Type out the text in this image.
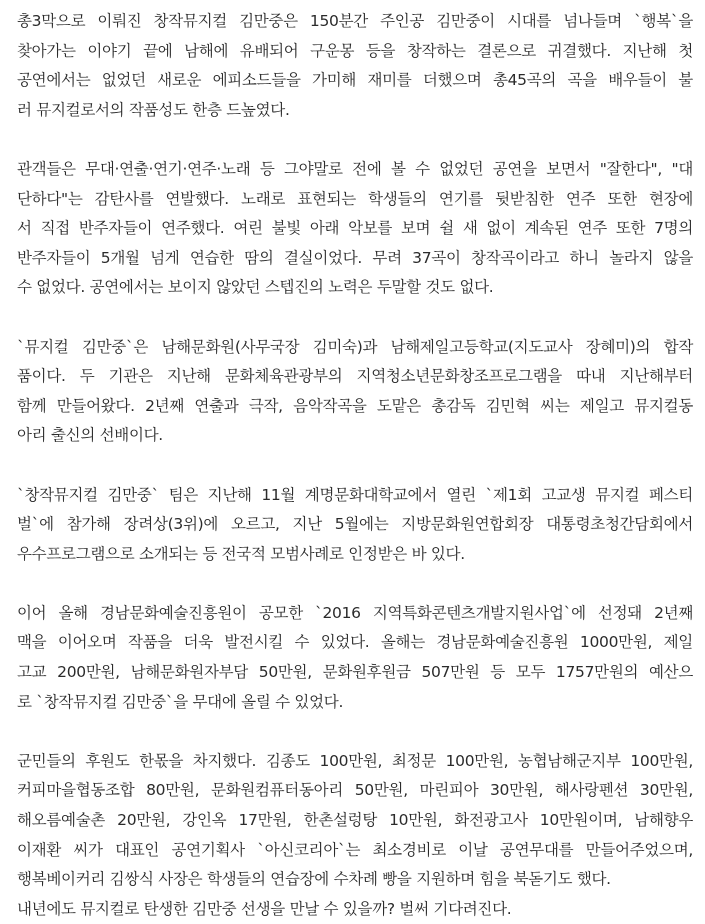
총3막으로 이뤄진 창작뮤지컬 김만중은 150분간 주인공 김만중이 시대를 넘나들며 `행복`을
찾아가는 이야기 끝에 남해에 유배되어 구운몽 등을 창작하는 결론으로 귀결했다. 지난해 첫
공연에서는 없었던 새로운 에피소드들을 가미해 재미를 더했으며 총45곡의 곡을 배우들이 불
러 뮤지컬로서의 작품성도 한층 드높였다.
관객들은 무대·연출·연기·연주·노래 등 그야말로 전에 볼 수 없었던 공연을 보면서 "잘한다", "대
단하다"는 감탄사를 연발했다. 노래로 표현되는 학생들의 연기를 뒷받침한 연주 또한 현장에
서 직접 반주자들이 연주했다. 여린 불빛 아래 악보를 보며 쉴 새 없이 계속된 연주 또한 7명의
반주자들이 5개월 넘게 연습한 땀의 결실이었다. 무려 37곡이 창작곡이라고 하니 놀라지 않을
수 없었다. 공연에서는 보이지 않았던 스텝진의 노력은 두말할 것도 없다.
`뮤지컬 김만중`은 남해문화원(사무국장 김미숙)과 남해제일고등학교(지도교사 장혜미)의 합작
품이다. 두 기관은 지난해 문화체육관광부의 지역청소년문화창조프로그램을 따내 지난해부터
함께 만들어왔다. 2년째 연출과 극작, 음악작곡을 도맡은 총감독 김민혁 씨는 제일고 뮤지컬동
아리 출신의 선배이다.
`창작뮤지컬 김만중` 팀은 지난해 11월 계명문화대학교에서 열린 `제1회 고교생 뮤지컬 페스티
벌`에 참가해 장려상(3위)에 오르고, 지난 5월에는 지방문화원연합회장 대통령초청간담회에서
우수프로그램으로 소개되는 등 전국적 모범사례로 인정받은 바 있다.
이어 올해 경남문화예술진흥원이 공모한 `2016 지역특화콘텐츠개발지원사업`에 선정돼 2년째
맥을 이어오며 작품을 더욱 발전시킬 수 있었다. 올해는 경남문화예술진흥원 1000만원, 제일
고교 200만원, 남해문화원자부담 50만원, 문화원후원금 507만원 등 모두 1757만원의 예산으
로 `창작뮤지컬 김만중`을 무대에 올릴 수 있었다.
군민들의 후원도 한몫을 차지했다. 김종도 100만원, 최정문 100만원, 농협남해군지부 100만원,
커피마을협동조합 80만원, 문화원컴퓨터동아리 50만원, 마린피아 30만원, 해사랑펜션 30만원,
해오름예술촌 20만원, 강인옥 17만원, 한촌설렁탕 10만원, 화전광고사 10만원이며, 남해향우
이재환 씨가 대표인 공연기획사 `아신코리아`는 최소경비로 이날 공연무대를 만들어주었으며,
행복베이커리 김쌍식 사장은 학생들의 연습장에 수차례 빵을 지원하며 힘을 북돋기도 했다.
내년에도 뮤지컬로 탄생한 김만중 선생을 만날 수 있을까? 벌써 기다려진다.
